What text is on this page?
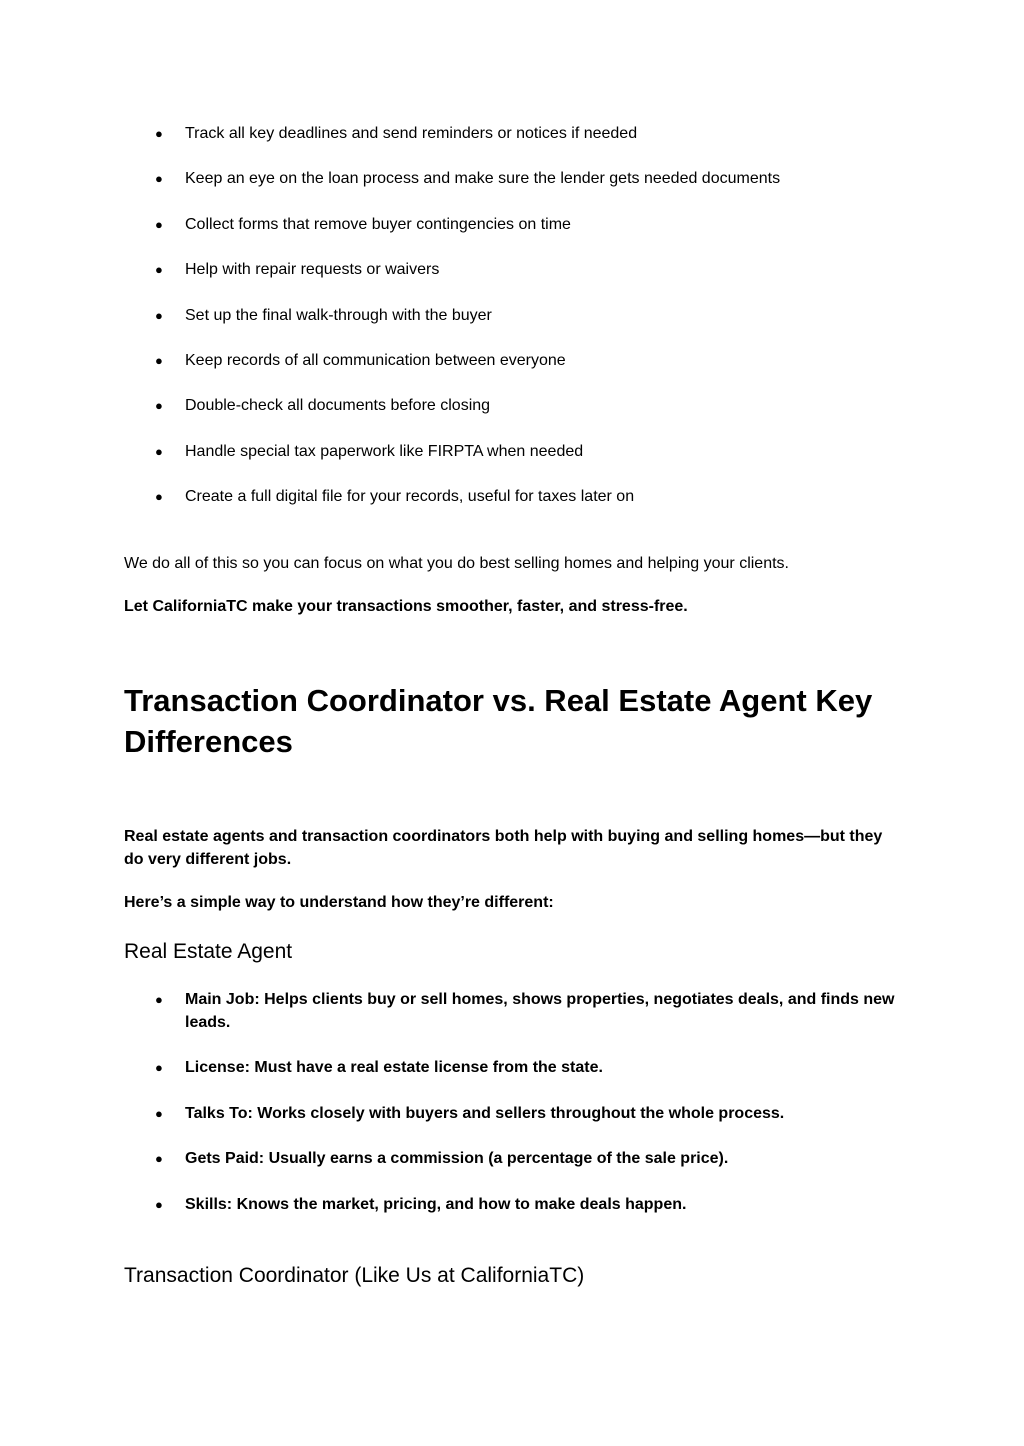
● Track all key deadlines and send reminders or notices if needed
● Keep an eye on the loan process and make sure the lender gets needed documents
● Collect forms that remove buyer contingencies on time
● Help with repair requests or waivers
● Set up the final walk-through with the buyer
● Keep records of all communication between everyone
● Double-check all documents before closing
● Handle special tax paperwork like FIRPTA when needed
● Create a full digital file for your records, useful for taxes later on

We do all of this so you can focus on what you do best selling homes and helping your clients.

Let CaliforniaTC make your transactions smoother, faster, and stress-free.

Transaction Coordinator vs. Real Estate Agent Key Differences

Real estate agents and transaction coordinators both help with buying and selling homes—but they do very different jobs.

Here’s a simple way to understand how they’re different:

Real Estate Agent
● Main Job: Helps clients buy or sell homes, shows properties, negotiates deals, and finds new leads.
● License: Must have a real estate license from the state.
● Talks To: Works closely with buyers and sellers throughout the whole process.
● Gets Paid: Usually earns a commission (a percentage of the sale price).
● Skills: Knows the market, pricing, and how to make deals happen.
Transaction Coordinator (Like Us at CaliforniaTC)
